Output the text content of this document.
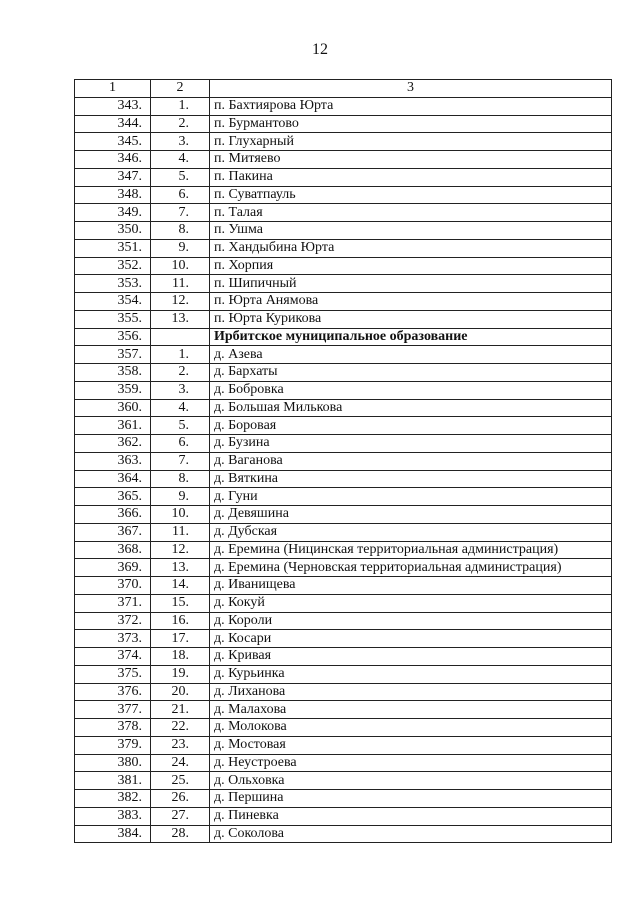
12
1	2	3
343.	1.	п. Бахтиярова Юрта
344.	2.	п. Бурмантово
345.	3.	п. Глухарный
346.	4.	п. Митяево
347.	5.	п. Пакина
348.	6.	п. Суватпауль
349.	7.	п. Талая
350.	8.	п. Ушма
351.	9.	п. Хандыбина Юрта
352.	10.	п. Хорпия
353.	11.	п. Шипичный
354.	12.	п. Юрта Анямова
355.	13.	п. Юрта Курикова
356.		Ирбитское муниципальное образование
357.	1.	д. Азева
358.	2.	д. Бархаты
359.	3.	д. Бобровка
360.	4.	д. Большая Милькова
361.	5.	д. Боровая
362.	6.	д. Бузина
363.	7.	д. Ваганова
364.	8.	д. Вяткина
365.	9.	д. Гуни
366.	10.	д. Девяшина
367.	11.	д. Дубская
368.	12.	д. Еремина (Ницинская территориальная администрация)
369.	13.	д. Еремина (Черновская территориальная администрация)
370.	14.	д. Иванищева
371.	15.	д. Кокуй
372.	16.	д. Короли
373.	17.	д. Косари
374.	18.	д. Кривая
375.	19.	д. Курьинка
376.	20.	д. Лиханова
377.	21.	д. Малахова
378.	22.	д. Молокова
379.	23.	д. Мостовая
380.	24.	д. Неустроева
381.	25.	д. Ольховка
382.	26.	д. Першина
383.	27.	д. Пиневка
384.	28.	д. Соколова
